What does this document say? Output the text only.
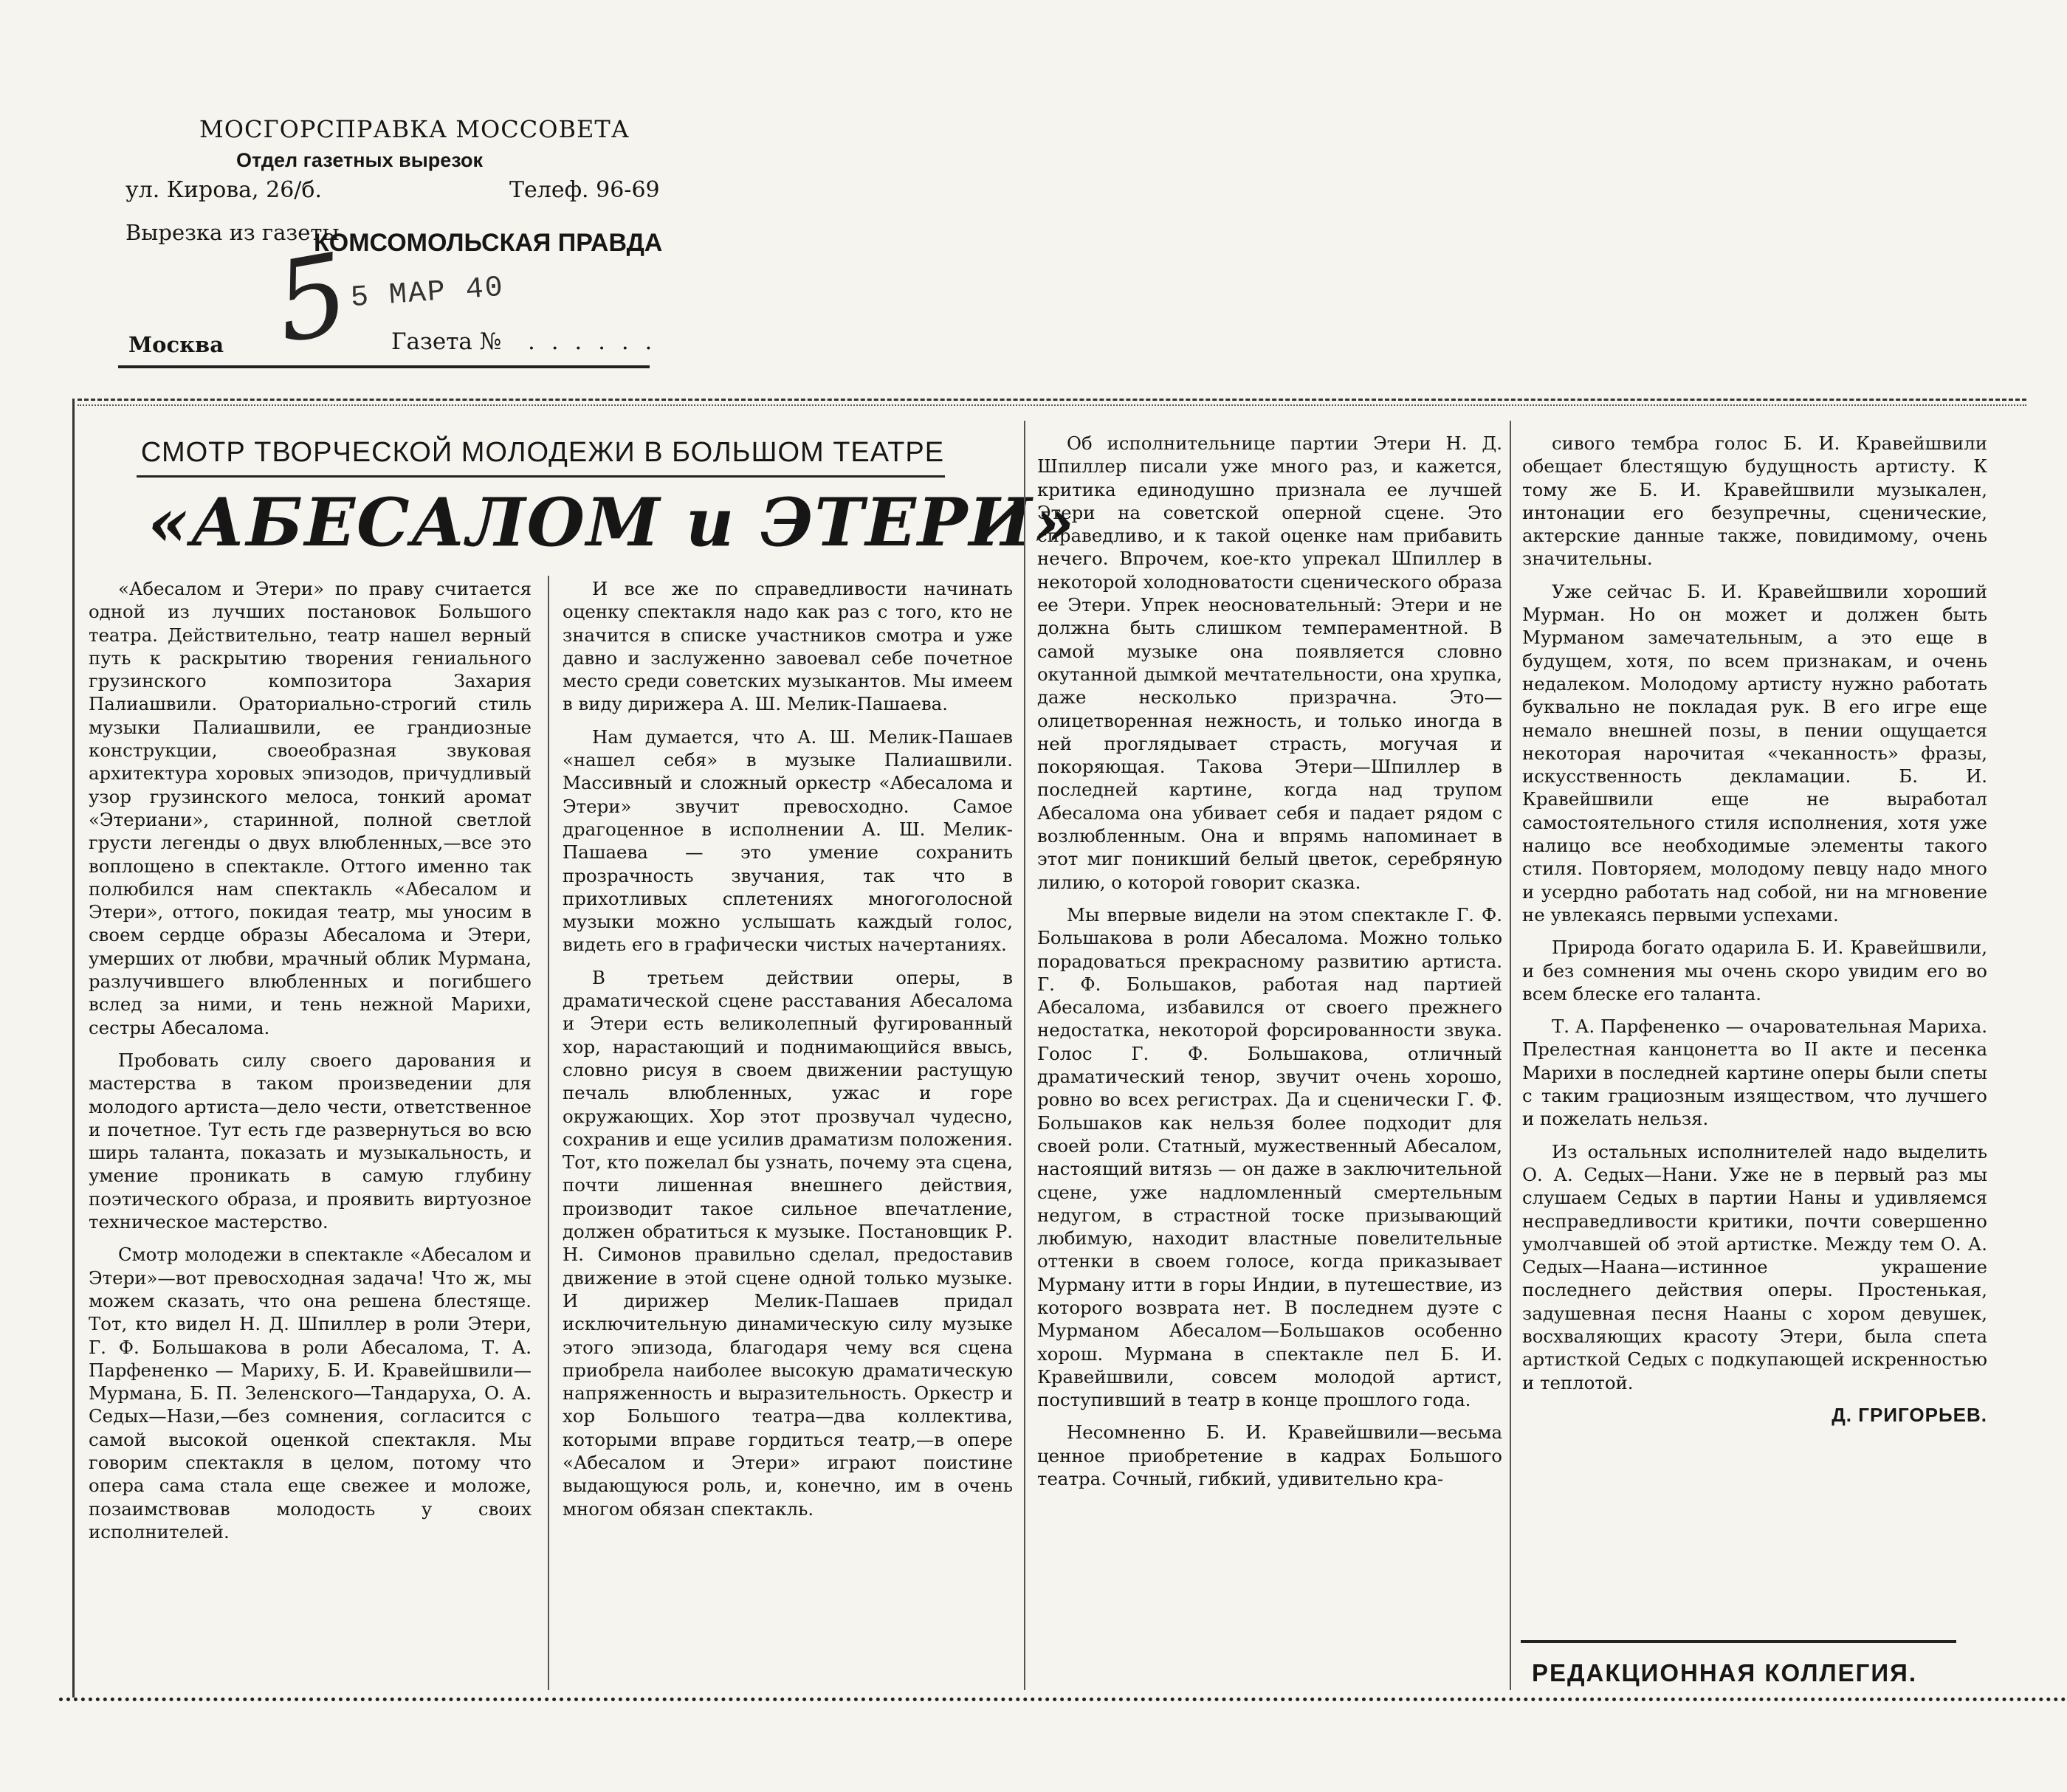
МОСГОРСПРАВКА МОССОВЕТА
Отдел газетных вырезок
ул. Кирова, 26/б.	Телеф. 96-69
Вырезка из газеты
КОМСОМОЛЬСКАЯ ПРАВДА
Москва	Газета № . . . . . .
5
5 МАР 40
СМОТР ТВОРЧЕСКОЙ МОЛОДЕЖИ В БОЛЬШОМ ТЕАТРЕ
«АБЕСАЛОМ и ЭТЕРИ»

«Абесалом и Этери» по праву считается одной из лучших постановок Большого театра. Действительно, театр нашел верный путь к раскрытию творения гениального грузинского композитора Захария Палиашвили. Ораториально-строгий стиль музыки Палиашвили, ее грандиозные конструкции, своеобразная звуковая архитектура хоровых эпизодов, причудливый узор грузинского мелоса, тонкий аромат «Этериани», старинной, полной светлой грусти легенды о двух влюбленных,—все это воплощено в спектакле. Оттого именно так полюбился нам спектакль «Абесалом и Этери», оттого, покидая театр, мы уносим в своем сердце образы Абесалома и Этери, умерших от любви, мрачный облик Мурмана, разлучившего влюбленных и погибшего вслед за ними, и тень нежной Марихи, сестры Абесалома.

Пробовать силу своего дарования и мастерства в таком произведении для молодого артиста—дело чести, ответственное и почетное. Тут есть где развернуться во всю ширь таланта, показать и музыкальность, и умение проникать в самую глубину поэтического образа, и проявить виртуозное техническое мастерство.

Смотр молодежи в спектакле «Абесалом и Этери»—вот превосходная задача! Что ж, мы можем сказать, что она решена блестяще. Тот, кто видел Н. Д. Шпиллер в роли Этери, Г. Ф. Большакова в роли Абесалома, Т. А. Парфененко — Мариху, Б. И. Кравейшвили—Мурмана, Б. П. Зеленского—Тандаруха, О. А. Седых—Нази,—без сомнения, согласится с самой высокой оценкой спектакля. Мы говорим спектакля в целом, потому что опера сама стала еще свежее и моложе, позаимствовав молодость у своих исполнителей.

И все же по справедливости начинать оценку спектакля надо как раз с того, кто не значится в списке участников смотра и уже давно и заслуженно завоевал себе почетное место среди советских музыкантов. Мы имеем в виду дирижера А. Ш. Мелик-Пашаева.

Нам думается, что А. Ш. Мелик-Пашаев «нашел себя» в музыке Палиашвили. Массивный и сложный оркестр «Абесалома и Этери» звучит превосходно. Самое драгоценное в исполнении А. Ш. Мелик-Пашаева — это умение сохранить прозрачность звучания, так что в прихотливых сплетениях многоголосной музыки можно услышать каждый голос, видеть его в графически чистых начертаниях.

В третьем действии оперы, в драматической сцене расставания Абесалома и Этери есть великолепный фугированный хор, нарастающий и поднимающийся ввысь, словно рисуя в своем движении растущую печаль влюбленных, ужас и горе окружающих. Хор этот прозвучал чудесно, сохранив и еще усилив драматизм положения. Тот, кто пожелал бы узнать, почему эта сцена, почти лишенная внешнего действия, производит такое сильное впечатление, должен обратиться к музыке. Постановщик Р. Н. Симонов правильно сделал, предоставив движение в этой сцене одной только музыке. И дирижер Мелик-Пашаев придал исключительную динамическую силу музыке этого эпизода, благодаря чему вся сцена приобрела наиболее высокую драматическую напряженность и выразительность. Оркестр и хор Большого театра—два коллектива, которыми вправе гордиться театр,—в опере «Абесалом и Этери» играют поистине выдающуюся роль, и, конечно, им в очень многом обязан спектакль.

Об исполнительнице партии Этери Н. Д. Шпиллер писали уже много раз, и кажется, критика единодушно признала ее лучшей Этери на советской оперной сцене. Это справедливо, и к такой оценке нам прибавить нечего. Впрочем, кое-кто упрекал Шпиллер в некоторой холодноватости сценического образа ее Этери. Упрек неосновательный: Этери и не должна быть слишком темпераментной. В самой музыке она появляется словно окутанной дымкой мечтательности, она хрупка, даже несколько призрачна. Это—олицетворенная нежность, и только иногда в ней проглядывает страсть, могучая и покоряющая. Такова Этери—Шпиллер в последней картине, когда над трупом Абесалома она убивает себя и падает рядом с возлюбленным. Она и впрямь напоминает в этот миг поникший белый цветок, серебряную лилию, о которой говорит сказка.

Мы впервые видели на этом спектакле Г. Ф. Большакова в роли Абесалома. Можно только порадоваться прекрасному развитию артиста. Г. Ф. Большаков, работая над партией Абесалома, избавился от своего прежнего недостатка, некоторой форсированности звука. Голос Г. Ф. Большакова, отличный драматический тенор, звучит очень хорошо, ровно во всех регистрах. Да и сценически Г. Ф. Большаков как нельзя более подходит для своей роли. Статный, мужественный Абесалом, настоящий витязь — он даже в заключительной сцене, уже надломленный смертельным недугом, в страстной тоске призывающий любимую, находит властные повелительные оттенки в своем голосе, когда приказывает Мурману итти в горы Индии, в путешествие, из которого возврата нет. В последнем дуэте с Мурманом Абесалом—Большаков особенно хорош. Мурмана в спектакле пел Б. И. Кравейшвили, совсем молодой артист, поступивший в театр в конце прошлого года.

Несомненно Б. И. Кравейшвили—весьма ценное приобретение в кадрах Большого театра. Сочный, гибкий, удивительно кра-

сивого тембра голос Б. И. Кравейшвили обещает блестящую будущность артисту. К тому же Б. И. Кравейшвили музыкален, интонации его безупречны, сценические, актерские данные также, повидимому, очень значительны.

Уже сейчас Б. И. Кравейшвили хороший Мурман. Но он может и должен быть Мурманом замечательным, а это еще в будущем, хотя, по всем признакам, и очень недалеком. Молодому артисту нужно работать буквально не покладая рук. В его игре еще немало внешней позы, в пении ощущается некоторая нарочитая «чеканность» фразы, искусственность декламации. Б. И. Кравейшвили еще не выработал самостоятельного стиля исполнения, хотя уже налицо все необходимые элементы такого стиля. Повторяем, молодому певцу надо много и усердно работать над собой, ни на мгновение не увлекаясь первыми успехами.

Природа богато одарила Б. И. Кравейшвили, и без сомнения мы очень скоро увидим его во всем блеске его таланта.

Т. А. Парфененко — очаровательная Мариха. Прелестная канцонетта во II акте и песенка Марихи в последней картине оперы были спеты с таким грациозным изяществом, что лучшего и пожелать нельзя.

Из остальных исполнителей надо выделить О. А. Седых—Нани. Уже не в первый раз мы слушаем Седых в партии Наны и удивляемся несправедливости критики, почти совершенно умолчавшей об этой артистке. Между тем О. А. Седых—Наана—истинное украшение последнего действия оперы. Простенькая, задушевная песня Нааны с хором девушек, восхваляющих красоту Этери, была спета артисткой Седых с подкупающей искренностью и теплотой.

Д. ГРИГОРЬЕВ.

РЕДАКЦИОННАЯ КОЛЛЕГИЯ.
